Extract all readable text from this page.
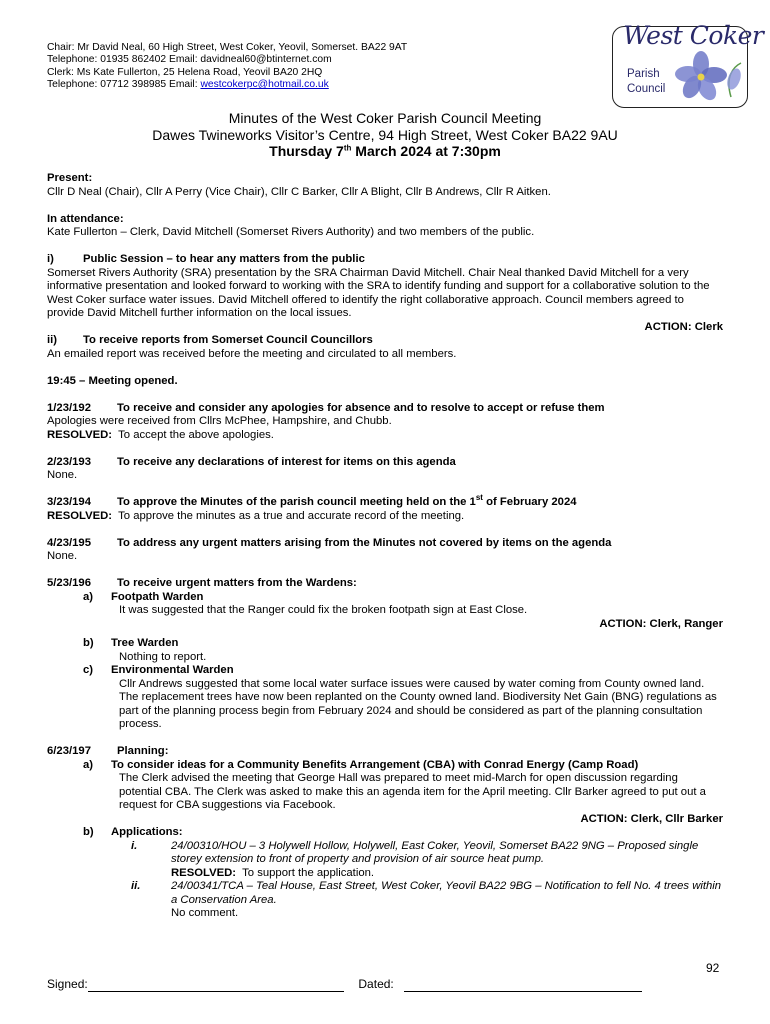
Chair: Mr David Neal, 60 High Street, West Coker, Yeovil, Somerset. BA22 9AT
Telephone: 01935 862402 Email: davidneal60@btinternet.com
Clerk: Ms Kate Fullerton, 25 Helena Road, Yeovil BA20 2HQ
Telephone: 07712 398985 Email: westcokerpc@hotmail.co.uk
West Coker
Parish
Council
Minutes of the West Coker Parish Council Meeting
Dawes Twineworks Visitor’s Centre, 94 High Street, West Coker BA22 9AU
Thursday 7th March 2024 at 7:30pm
Present:
Cllr D Neal (Chair), Cllr A Perry (Vice Chair), Cllr C Barker, Cllr A Blight, Cllr B Andrews, Cllr R Aitken.
In attendance:
Kate Fullerton – Clerk, David Mitchell (Somerset Rivers Authority) and two members of the public.
i)	Public Session – to hear any matters from the public
Somerset Rivers Authority (SRA) presentation by the SRA Chairman David Mitchell. Chair Neal thanked David Mitchell for a very informative presentation and looked forward to working with the SRA to identify funding and support for a collaborative solution to the West Coker surface water issues. David Mitchell offered to identify the right collaborative approach. Council members agreed to provide David Mitchell further information on the local issues.
ACTION: Clerk
ii)	To receive reports from Somerset Council Councillors
An emailed report was received before the meeting and circulated to all members.
19:45 – Meeting opened.
1/23/192	To receive and consider any apologies for absence and to resolve to accept or refuse them
Apologies were received from Cllrs McPhee, Hampshire, and Chubb.
RESOLVED:  To accept the above apologies.
2/23/193	To receive any declarations of interest for items on this agenda
None.
3/23/194	To approve the Minutes of the parish council meeting held on the 1st of February 2024
RESOLVED:  To approve the minutes as a true and accurate record of the meeting.
4/23/195	To address any urgent matters arising from the Minutes not covered by items on the agenda
None.
5/23/196	To receive urgent matters from the Wardens:
a)	Footpath Warden
It was suggested that the Ranger could fix the broken footpath sign at East Close.
ACTION: Clerk, Ranger
b)	Tree Warden
Nothing to report.
c)	Environmental Warden
Cllr Andrews suggested that some local water surface issues were caused by water coming from County owned land. The replacement trees have now been replanted on the County owned land. Biodiversity Net Gain (BNG) regulations as part of the planning process begin from February 2024 and should be considered as part of the planning consultation process.
6/23/197	Planning:
a)	To consider ideas for a Community Benefits Arrangement (CBA) with Conrad Energy (Camp Road)
The Clerk advised the meeting that George Hall was prepared to meet mid-March for open discussion regarding potential CBA. The Clerk was asked to make this an agenda item for the April meeting. Cllr Barker agreed to put out a request for CBA suggestions via Facebook.
ACTION: Clerk, Cllr Barker
b)	Applications:
i.	24/00310/HOU – 3 Holywell Hollow, Holywell, East Coker, Yeovil, Somerset BA22 9NG – Proposed single storey extension to front of property and provision of air source heat pump.
RESOLVED:  To support the application.
ii.	24/00341/TCA – Teal House, East Street, West Coker, Yeovil BA22 9BG – Notification to fell No. 4 trees within a Conservation Area.
No comment.
92
Signed:	Dated:
